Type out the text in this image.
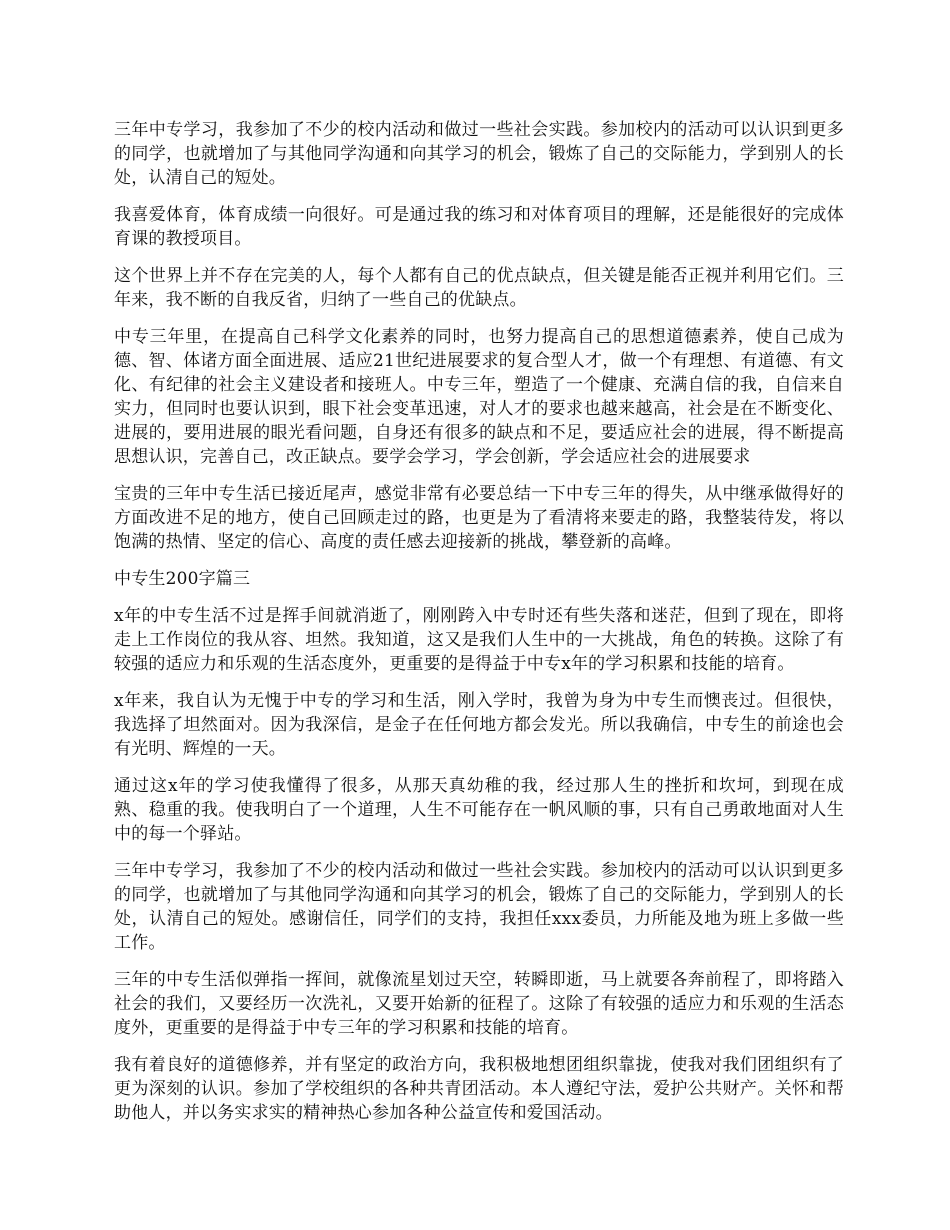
三年中专学习，我参加了不少的校内活动和做过一些社会实践。参加校内的活动可以认识到更多的同学，也就增加了与其他同学沟通和向其学习的机会，锻炼了自己的交际能力，学到别人的长处，认清自己的短处。

我喜爱体育，体育成绩一向很好。可是通过我的练习和对体育项目的理解，还是能很好的完成体育课的教授项目。

这个世界上并不存在完美的人，每个人都有自己的优点缺点，但关键是能否正视并利用它们。三年来，我不断的自我反省，归纳了一些自己的优缺点。

中专三年里，在提高自己科学文化素养的同时，也努力提高自己的思想道德素养，使自己成为德、智、体诸方面全面进展、适应21世纪进展要求的复合型人才，做一个有理想、有道德、有文化、有纪律的社会主义建设者和接班人。中专三年，塑造了一个健康、充满自信的我，自信来自实力，但同时也要认识到，眼下社会变革迅速，对人才的要求也越来越高，社会是在不断变化、进展的，要用进展的眼光看问题，自身还有很多的缺点和不足，要适应社会的进展，得不断提高思想认识，完善自己，改正缺点。要学会学习，学会创新，学会适应社会的进展要求

宝贵的三年中专生活已接近尾声，感觉非常有必要总结一下中专三年的得失，从中继承做得好的方面改进不足的地方，使自己回顾走过的路，也更是为了看清将来要走的路，我整装待发，将以饱满的热情、坚定的信心、高度的责任感去迎接新的挑战，攀登新的高峰。

中专生200字篇三

x年的中专生活不过是挥手间就消逝了，刚刚跨入中专时还有些失落和迷茫，但到了现在，即将走上工作岗位的我从容、坦然。我知道，这又是我们人生中的一大挑战，角色的转换。这除了有较强的适应力和乐观的生活态度外，更重要的是得益于中专x年的学习积累和技能的培育。

x年来，我自认为无愧于中专的学习和生活，刚入学时，我曾为身为中专生而懊丧过。但很快，我选择了坦然面对。因为我深信，是金子在任何地方都会发光。所以我确信，中专生的前途也会有光明、辉煌的一天。

通过这x年的学习使我懂得了很多，从那天真幼稚的我，经过那人生的挫折和坎坷，到现在成熟、稳重的我。使我明白了一个道理，人生不可能存在一帆风顺的事，只有自己勇敢地面对人生中的每一个驿站。

三年中专学习，我参加了不少的校内活动和做过一些社会实践。参加校内的活动可以认识到更多的同学，也就增加了与其他同学沟通和向其学习的机会，锻炼了自己的交际能力，学到别人的长处，认清自己的短处。感谢信任，同学们的支持，我担任xxx委员，力所能及地为班上多做一些工作。

三年的中专生活似弹指一挥间，就像流星划过天空，转瞬即逝，马上就要各奔前程了，即将踏入社会的我们，又要经历一次洗礼，又要开始新的征程了。这除了有较强的适应力和乐观的生活态度外，更重要的是得益于中专三年的学习积累和技能的培育。

我有着良好的道德修养，并有坚定的政治方向，我积极地想团组织靠拢，使我对我们团组织有了更为深刻的认识。参加了学校组织的各种共青团活动。本人遵纪守法，爱护公共财产。关怀和帮助他人，并以务实求实的精神热心参加各种公益宣传和爱国活动。
